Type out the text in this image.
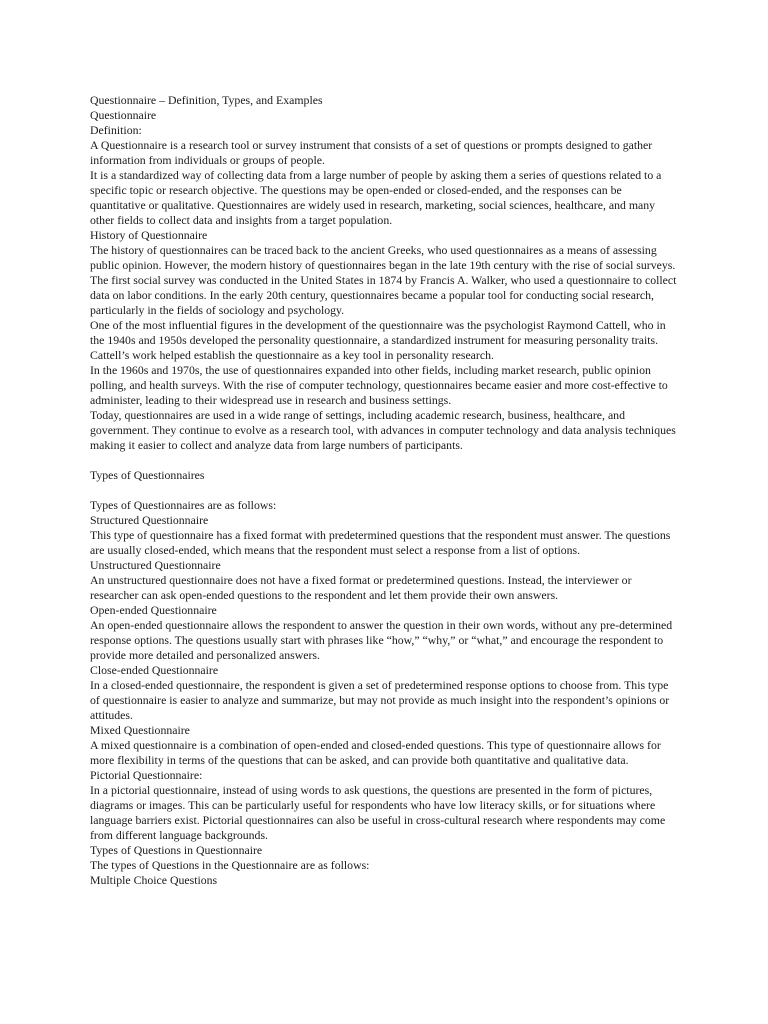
Questionnaire – Definition, Types, and Examples

Questionnaire

Definition:

A Questionnaire is a research tool or survey instrument that consists of a set of questions or prompts designed to gather information from individuals or groups of people.

It is a standardized way of collecting data from a large number of people by asking them a series of questions related to a specific topic or research objective. The questions may be open-ended or closed-ended, and the responses can be quantitative or qualitative. Questionnaires are widely used in research, marketing, social sciences, healthcare, and many other fields to collect data and insights from a target population.

History of Questionnaire

The history of questionnaires can be traced back to the ancient Greeks, who used questionnaires as a means of assessing public opinion. However, the modern history of questionnaires began in the late 19th century with the rise of social surveys.

The first social survey was conducted in the United States in 1874 by Francis A. Walker, who used a questionnaire to collect data on labor conditions. In the early 20th century, questionnaires became a popular tool for conducting social research, particularly in the fields of sociology and psychology.

One of the most influential figures in the development of the questionnaire was the psychologist Raymond Cattell, who in the 1940s and 1950s developed the personality questionnaire, a standardized instrument for measuring personality traits. Cattell’s work helped establish the questionnaire as a key tool in personality research.

In the 1960s and 1970s, the use of questionnaires expanded into other fields, including market research, public opinion polling, and health surveys. With the rise of computer technology, questionnaires became easier and more cost-effective to administer, leading to their widespread use in research and business settings.

Today, questionnaires are used in a wide range of settings, including academic research, business, healthcare, and government. They continue to evolve as a research tool, with advances in computer technology and data analysis techniques making it easier to collect and analyze data from large numbers of participants.

Types of Questionnaires

Types of Questionnaires are as follows:

Structured Questionnaire

This type of questionnaire has a fixed format with predetermined questions that the respondent must answer. The questions are usually closed-ended, which means that the respondent must select a response from a list of options.

Unstructured Questionnaire

An unstructured questionnaire does not have a fixed format or predetermined questions. Instead, the interviewer or researcher can ask open-ended questions to the respondent and let them provide their own answers.

Open-ended Questionnaire

An open-ended questionnaire allows the respondent to answer the question in their own words, without any pre-determined response options. The questions usually start with phrases like “how,” “why,” or “what,” and encourage the respondent to provide more detailed and personalized answers.

Close-ended Questionnaire

In a closed-ended questionnaire, the respondent is given a set of predetermined response options to choose from. This type of questionnaire is easier to analyze and summarize, but may not provide as much insight into the respondent’s opinions or attitudes.

Mixed Questionnaire

A mixed questionnaire is a combination of open-ended and closed-ended questions. This type of questionnaire allows for more flexibility in terms of the questions that can be asked, and can provide both quantitative and qualitative data.

Pictorial Questionnaire:

In a pictorial questionnaire, instead of using words to ask questions, the questions are presented in the form of pictures, diagrams or images. This can be particularly useful for respondents who have low literacy skills, or for situations where language barriers exist. Pictorial questionnaires can also be useful in cross-cultural research where respondents may come from different language backgrounds.

Types of Questions in Questionnaire

The types of Questions in the Questionnaire are as follows:

Multiple Choice Questions
